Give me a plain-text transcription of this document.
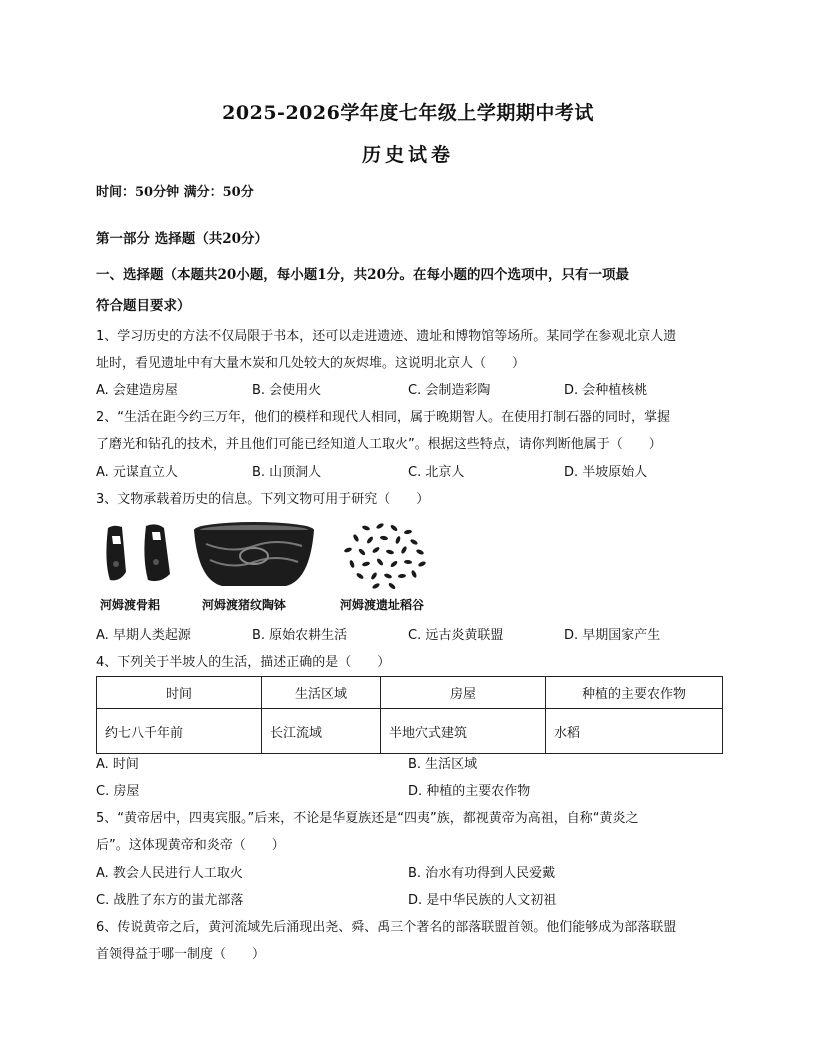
2025-2026学年度七年级上学期期中考试
历史试卷
时间：50分钟 满分：50分
第一部分 选择题（共20分）
一、选择题（本题共20小题，每小题1分，共20分。在每小题的四个选项中，只有一项最
符合题目要求）
1、学习历史的方法不仅局限于书本，还可以走进遗迹、遗址和博物馆等场所。某同学在参观北京人遗
址时，看见遗址中有大量木炭和几处较大的灰烬堆。这说明北京人（　　）
A. 会建造房屋	B. 会使用火	C. 会制造彩陶	D. 会种植核桃
2、“生活在距今约三万年，他们的模样和现代人相同，属于晚期智人。在使用打制石器的同时，掌握
了磨光和钻孔的技术，并且他们可能已经知道人工取火”。根据这些特点，请你判断他属于（　　）
A. 元谋直立人	B. 山顶洞人	C. 北京人	D. 半坡原始人
3、文物承载着历史的信息。下列文物可用于研究（　　）
河姆渡骨耜	河姆渡猪纹陶钵	河姆渡遗址稻谷
A. 早期人类起源	B. 原始农耕生活	C. 远古炎黄联盟	D. 早期国家产生
4、下列关于半坡人的生活，描述正确的是（　　）
时间	生活区域	房屋	种植的主要农作物
约七八千年前	长江流域	半地穴式建筑	水稻
A. 时间	B. 生活区域
C. 房屋	D. 种植的主要农作物
5、“黄帝居中，四夷宾服。”后来，不论是华夏族还是“四夷”族，都视黄帝为高祖，自称“黄炎之
后”。这体现黄帝和炎帝（　　）
A. 教会人民进行人工取火	B. 治水有功得到人民爱戴
C. 战胜了东方的蚩尤部落	D. 是中华民族的人文初祖
6、传说黄帝之后，黄河流域先后涌现出尧、舜、禹三个著名的部落联盟首领。他们能够成为部落联盟
首领得益于哪一制度（　　）
